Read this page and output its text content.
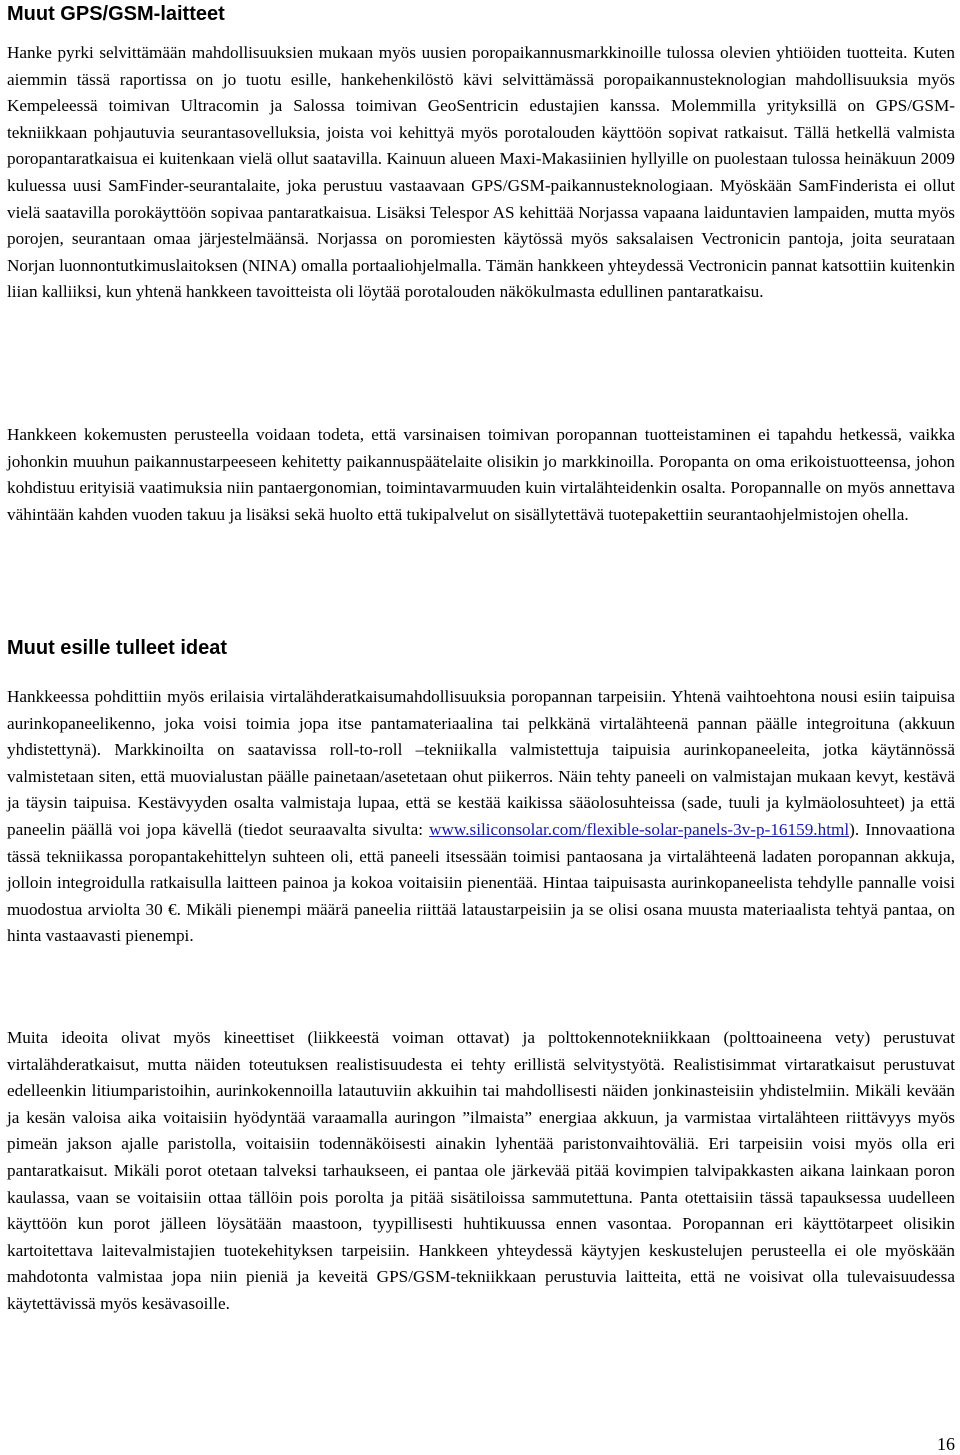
Muut GPS/GSM-laitteet

Hanke pyrki selvittämään mahdollisuuksien mukaan myös uusien poropaikannusmarkkinoille tulossa olevien yhtiöiden tuotteita. Kuten aiemmin tässä raportissa on jo tuotu esille, hankehenkilöstö kävi selvittämässä poropaikannusteknologian mahdollisuuksia myös Kempeleessä toimivan Ultracomin ja Salossa toimivan GeoSentricin edustajien kanssa. Molemmilla yrityksillä on GPS/GSM-tekniikkaan pohjautuvia seurantasovelluksia, joista voi kehittyä myös porotalouden käyttöön sopivat ratkaisut. Tällä hetkellä valmista poropantaratkaisua ei kuitenkaan vielä ollut saatavilla. Kainuun alueen Maxi-Makasiinien hyllyille on puolestaan tulossa heinäkuun 2009 kuluessa uusi SamFinder-seurantalaite, joka perustuu vastaavaan GPS/GSM-paikannusteknologiaan. Myöskään SamFinderista ei ollut vielä saatavilla porokäyttöön sopivaa pantaratkaisua. Lisäksi Telespor AS kehittää Norjassa vapaana laiduntavien lampaiden, mutta myös porojen, seurantaan omaa järjestelmäänsä. Norjassa on poromiesten käytössä myös saksalaisen Vectronicin pantoja, joita seurataan Norjan luonnontutkimuslaitoksen (NINA) omalla portaaliohjelmalla. Tämän hankkeen yhteydessä Vectronicin pannat katsottiin kuitenkin liian kalliiksi, kun yhtenä hankkeen tavoitteista oli löytää porotalouden näkökulmasta edullinen pantaratkaisu.

Hankkeen kokemusten perusteella voidaan todeta, että varsinaisen toimivan poropannan tuotteistaminen ei tapahdu hetkessä, vaikka johonkin muuhun paikannustarpeeseen kehitetty paikannuspäätelaite olisikin jo markkinoilla. Poropanta on oma erikoistuotteensa, johon kohdistuu erityisiä vaatimuksia niin pantaergonomian, toimintavarmuuden kuin virtalähteidenkin osalta. Poropannalle on myös annettava vähintään kahden vuoden takuu ja lisäksi sekä huolto että tukipalvelut on sisällytettävä tuotepakettiin seurantaohjelmistojen ohella.

Muut esille tulleet ideat

Hankkeessa pohdittiin myös erilaisia virtalähderatkaisumahdollisuuksia poropannan tarpeisiin. Yhtenä vaihtoehtona nousi esiin taipuisa aurinkopaneelikenno, joka voisi toimia jopa itse pantamateriaalina tai pelkkänä virtalähteenä pannan päälle integroituna (akkuun yhdistettynä). Markkinoilta on saatavissa roll-to-roll –tekniikalla valmistettuja taipuisia aurinkopaneeleita, jotka käytännössä valmistetaan siten, että muovialustan päälle painetaan/asetetaan ohut piikerros. Näin tehty paneeli on valmistajan mukaan kevyt, kestävä ja täysin taipuisa. Kestävyyden osalta valmistaja lupaa, että se kestää kaikissa sääolosuhteissa (sade, tuuli ja kylmäolosuhteet) ja että paneelin päällä voi jopa kävellä (tiedot seuraavalta sivulta: www.siliconsolar.com/flexible-solar-panels-3v-p-16159.html). Innovaationa tässä tekniikassa poropantakehittelyn suhteen oli, että paneeli itsessään toimisi pantaosana ja virtalähteenä ladaten poropannan akkuja, jolloin integroidulla ratkaisulla laitteen painoa ja kokoa voitaisiin pienentää. Hintaa taipuisasta aurinkopaneelista tehdylle pannalle voisi muodostua arviolta 30 €. Mikäli pienempi määrä paneelia riittää lataustarpeisiin ja se olisi osana muusta materiaalista tehtyä pantaa, on hinta vastaavasti pienempi.

Muita ideoita olivat myös kineettiset (liikkeestä voiman ottavat) ja polttokennotekniikkaan (polttoaineena vety) perustuvat virtalähderatkaisut, mutta näiden toteutuksen realistisuudesta ei tehty erillistä selvitystyötä. Realistisimmat virtaratkaisut perustuvat edelleenkin litiumparistoihin, aurinkokennoilla latautuviin akkuihin tai mahdollisesti näiden jonkinasteisiin yhdistelmiin. Mikäli kevään ja kesän valoisa aika voitaisiin hyödyntää varaamalla auringon ”ilmaista” energiaa akkuun, ja varmistaa virtalähteen riittävyys myös pimeän jakson ajalle paristolla, voitaisiin todennäköisesti ainakin lyhentää paristonvaihtoväliä. Eri tarpeisiin voisi myös olla eri pantaratkaisut. Mikäli porot otetaan talveksi tarhaukseen, ei pantaa ole järkevää pitää kovimpien talvipakkasten aikana lainkaan poron kaulassa, vaan se voitaisiin ottaa tällöin pois porolta ja pitää sisätiloissa sammutettuna. Panta otettaisiin tässä tapauksessa uudelleen käyttöön kun porot jälleen löysätään maastoon, tyypillisesti huhtikuussa ennen vasontaa. Poropannan eri käyttötarpeet olisikin kartoitettava laitevalmistajien tuotekehityksen tarpeisiin. Hankkeen yhteydessä käytyjen keskustelujen perusteella ei ole myöskään mahdotonta valmistaa jopa niin pieniä ja keveitä GPS/GSM-tekniikkaan perustuvia laitteita, että ne voisivat olla tulevaisuudessa käytettävissä myös kesävasoille.

16
